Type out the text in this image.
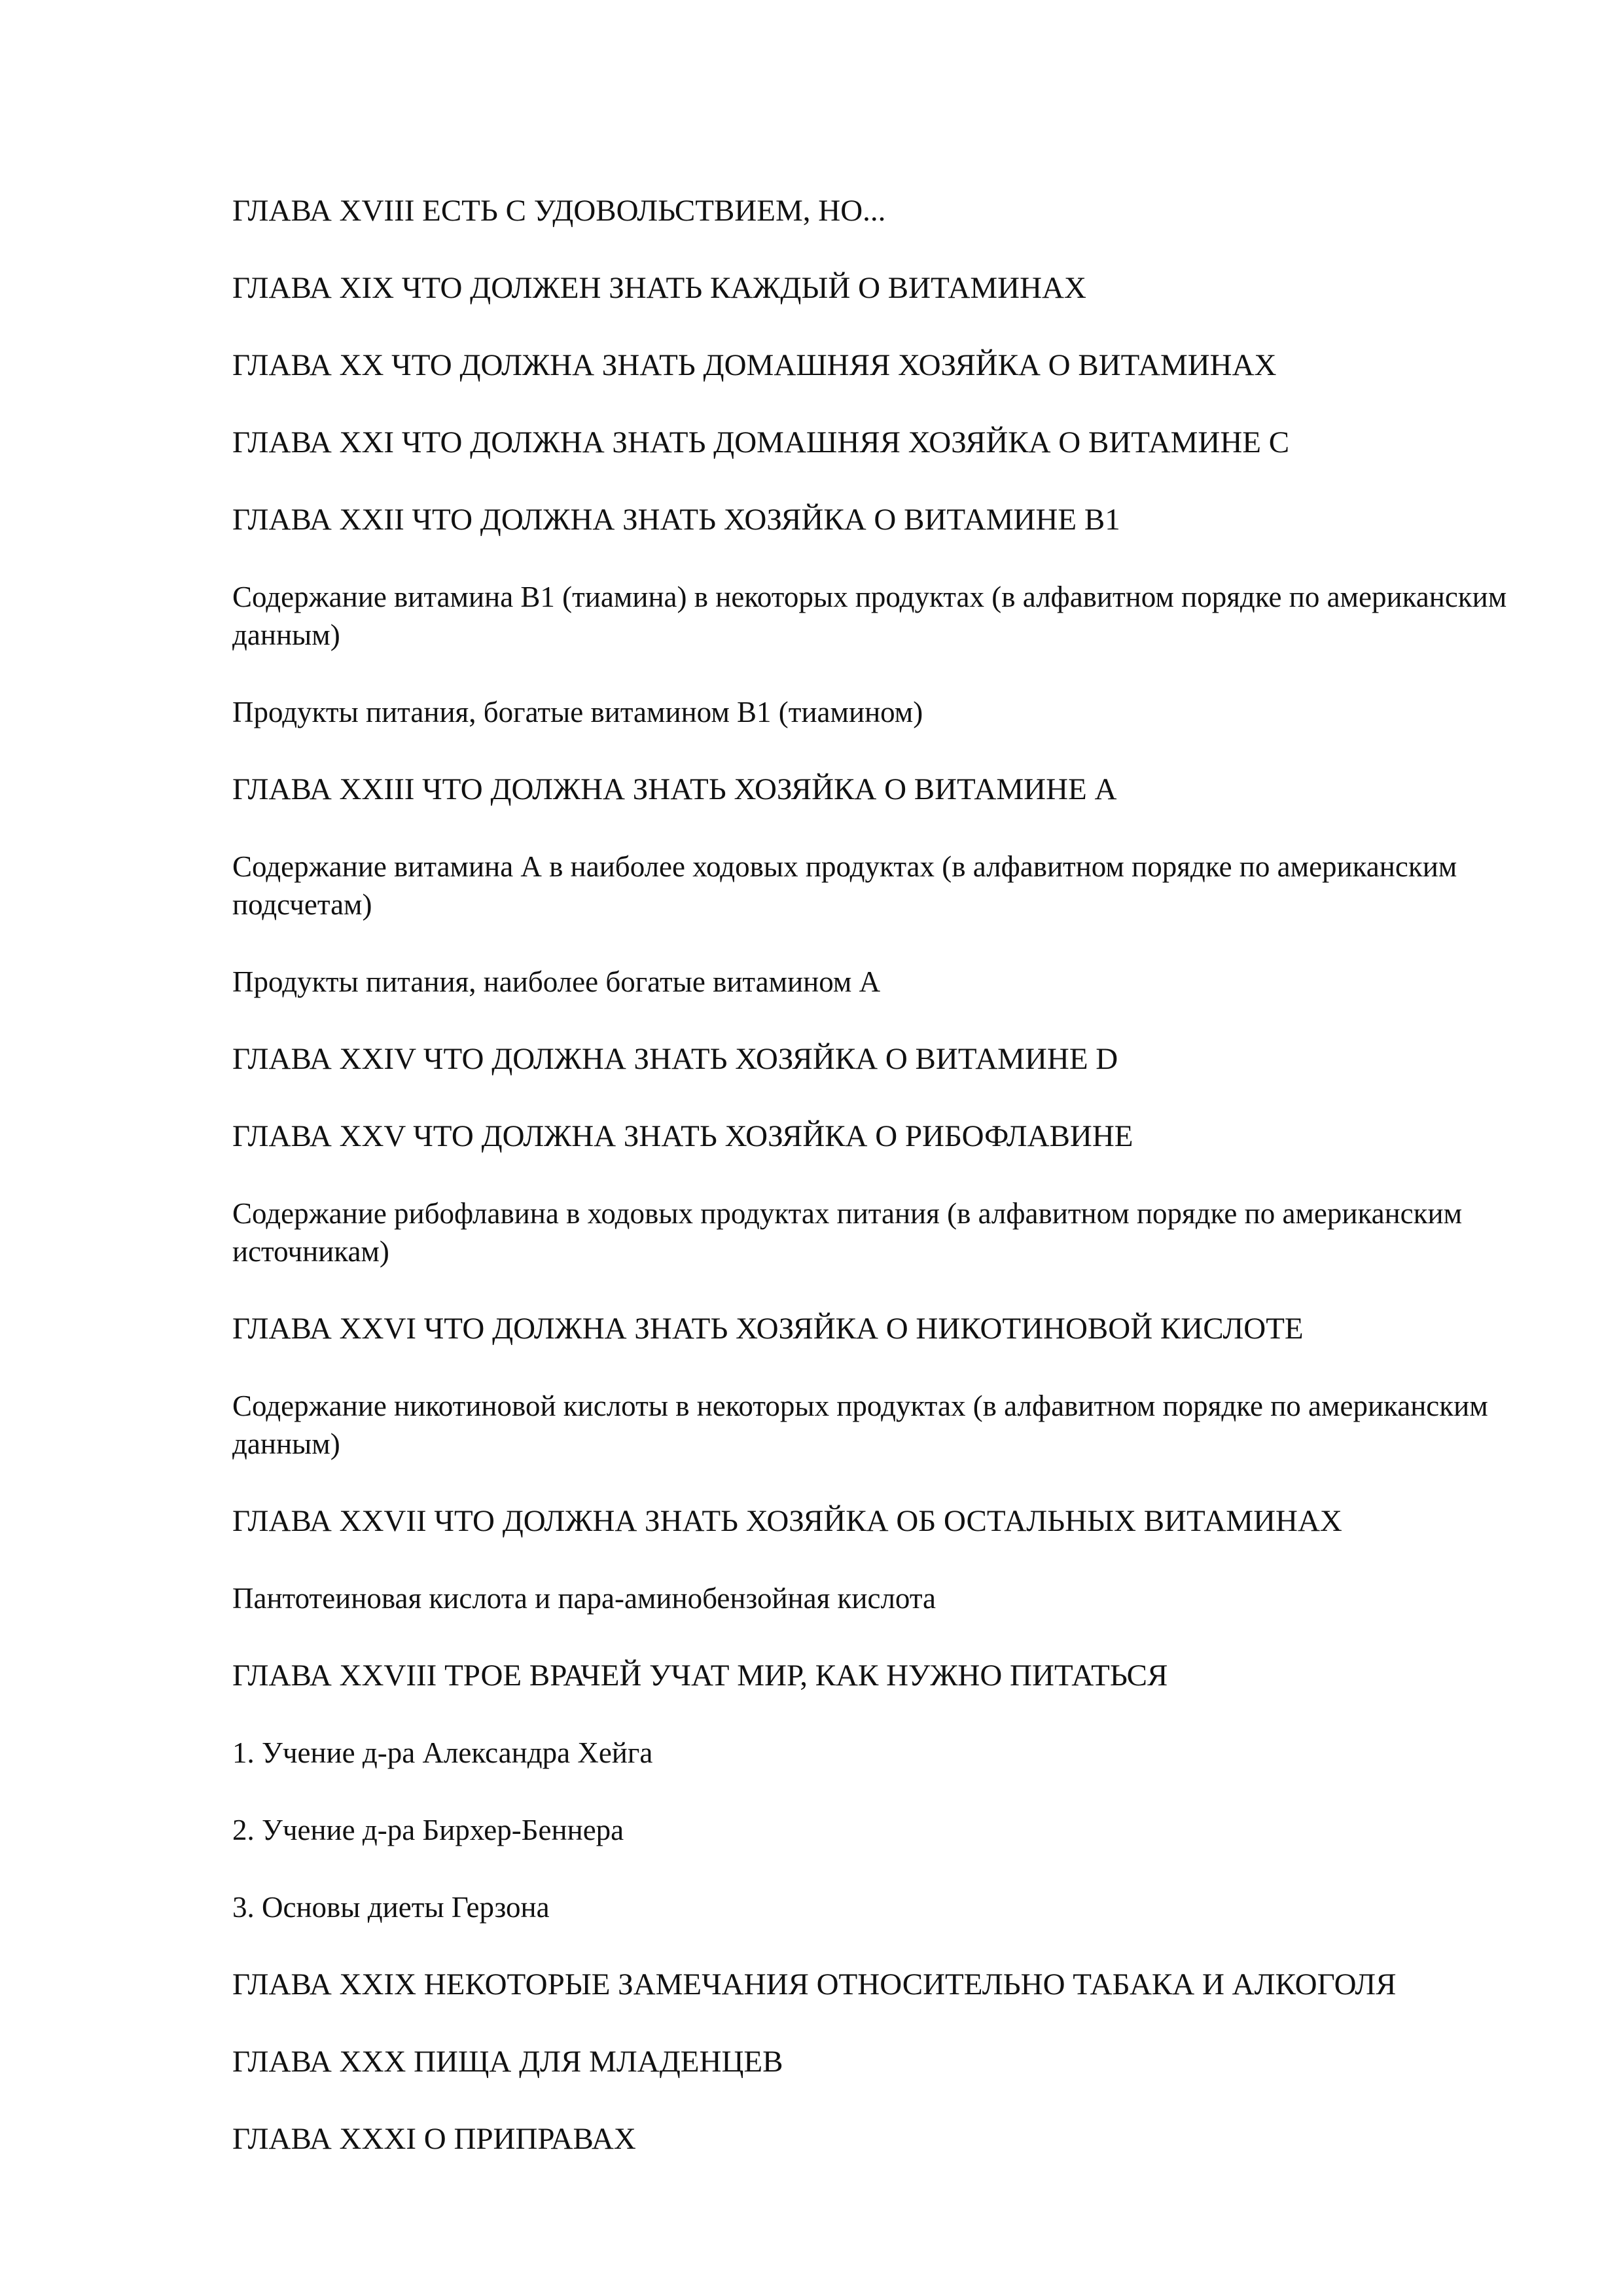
ГЛАВА XVIII ЕСТЬ С УДОВОЛЬСТВИЕМ, НО...

ГЛАВА XIX ЧТО ДОЛЖЕН ЗНАТЬ КАЖДЫЙ О ВИТАМИНАХ

ГЛАВА XX ЧТО ДОЛЖНА ЗНАТЬ ДОМАШНЯЯ ХОЗЯЙКА О ВИТАМИНАХ

ГЛАВА XXI ЧТО ДОЛЖНА ЗНАТЬ ДОМАШНЯЯ ХОЗЯЙКА О ВИТАМИНЕ С

ГЛАВА XXII ЧТО ДОЛЖНА ЗНАТЬ ХОЗЯЙКА О ВИТАМИНЕ В1

Содержание витамина В1 (тиамина) в некоторых продуктах (в алфавитном порядке по американским данным)

Продукты питания, богатые витамином В1 (тиамином)

ГЛАВА XXIII ЧТО ДОЛЖНА ЗНАТЬ ХОЗЯЙКА О ВИТАМИНЕ А

Содержание витамина А в наиболее ходовых продуктах (в алфавитном порядке по американским подсчетам)

Продукты питания, наиболее богатые витамином А

ГЛАВА XXIV ЧТО ДОЛЖНА ЗНАТЬ ХОЗЯЙКА О ВИТАМИНЕ D

ГЛАВА XXV ЧТО ДОЛЖНА ЗНАТЬ ХОЗЯЙКА О РИБОФЛАВИНЕ

Содержание рибофлавина в ходовых продуктах питания (в алфавитном порядке по американским источникам)

ГЛАВА XXVI ЧТО ДОЛЖНА ЗНАТЬ ХОЗЯЙКА О НИКОТИНОВОЙ КИСЛОТЕ

Содержание никотиновой кислоты в некоторых продуктах (в алфавитном порядке по американским данным)

ГЛАВА XXVII ЧТО ДОЛЖНА ЗНАТЬ ХОЗЯЙКА ОБ ОСТАЛЬНЫХ ВИТАМИНАХ

Пантотеиновая кислота и пара-аминобензойная кислота

ГЛАВА XXVIII ТРОЕ ВРАЧЕЙ УЧАТ МИР, КАК НУЖНО ПИТАТЬСЯ

1. Учение д-ра Александра Хейга

2. Учение д-ра Бирхер-Беннера

3. Основы диеты Герзона

ГЛАВА XXIX НЕКОТОРЫЕ ЗАМЕЧАНИЯ ОТНОСИТЕЛЬНО ТАБАКА И АЛКОГОЛЯ

ГЛАВА XXX ПИЩА ДЛЯ МЛАДЕНЦЕВ

ГЛАВА XXXI О ПРИПРАВАХ
